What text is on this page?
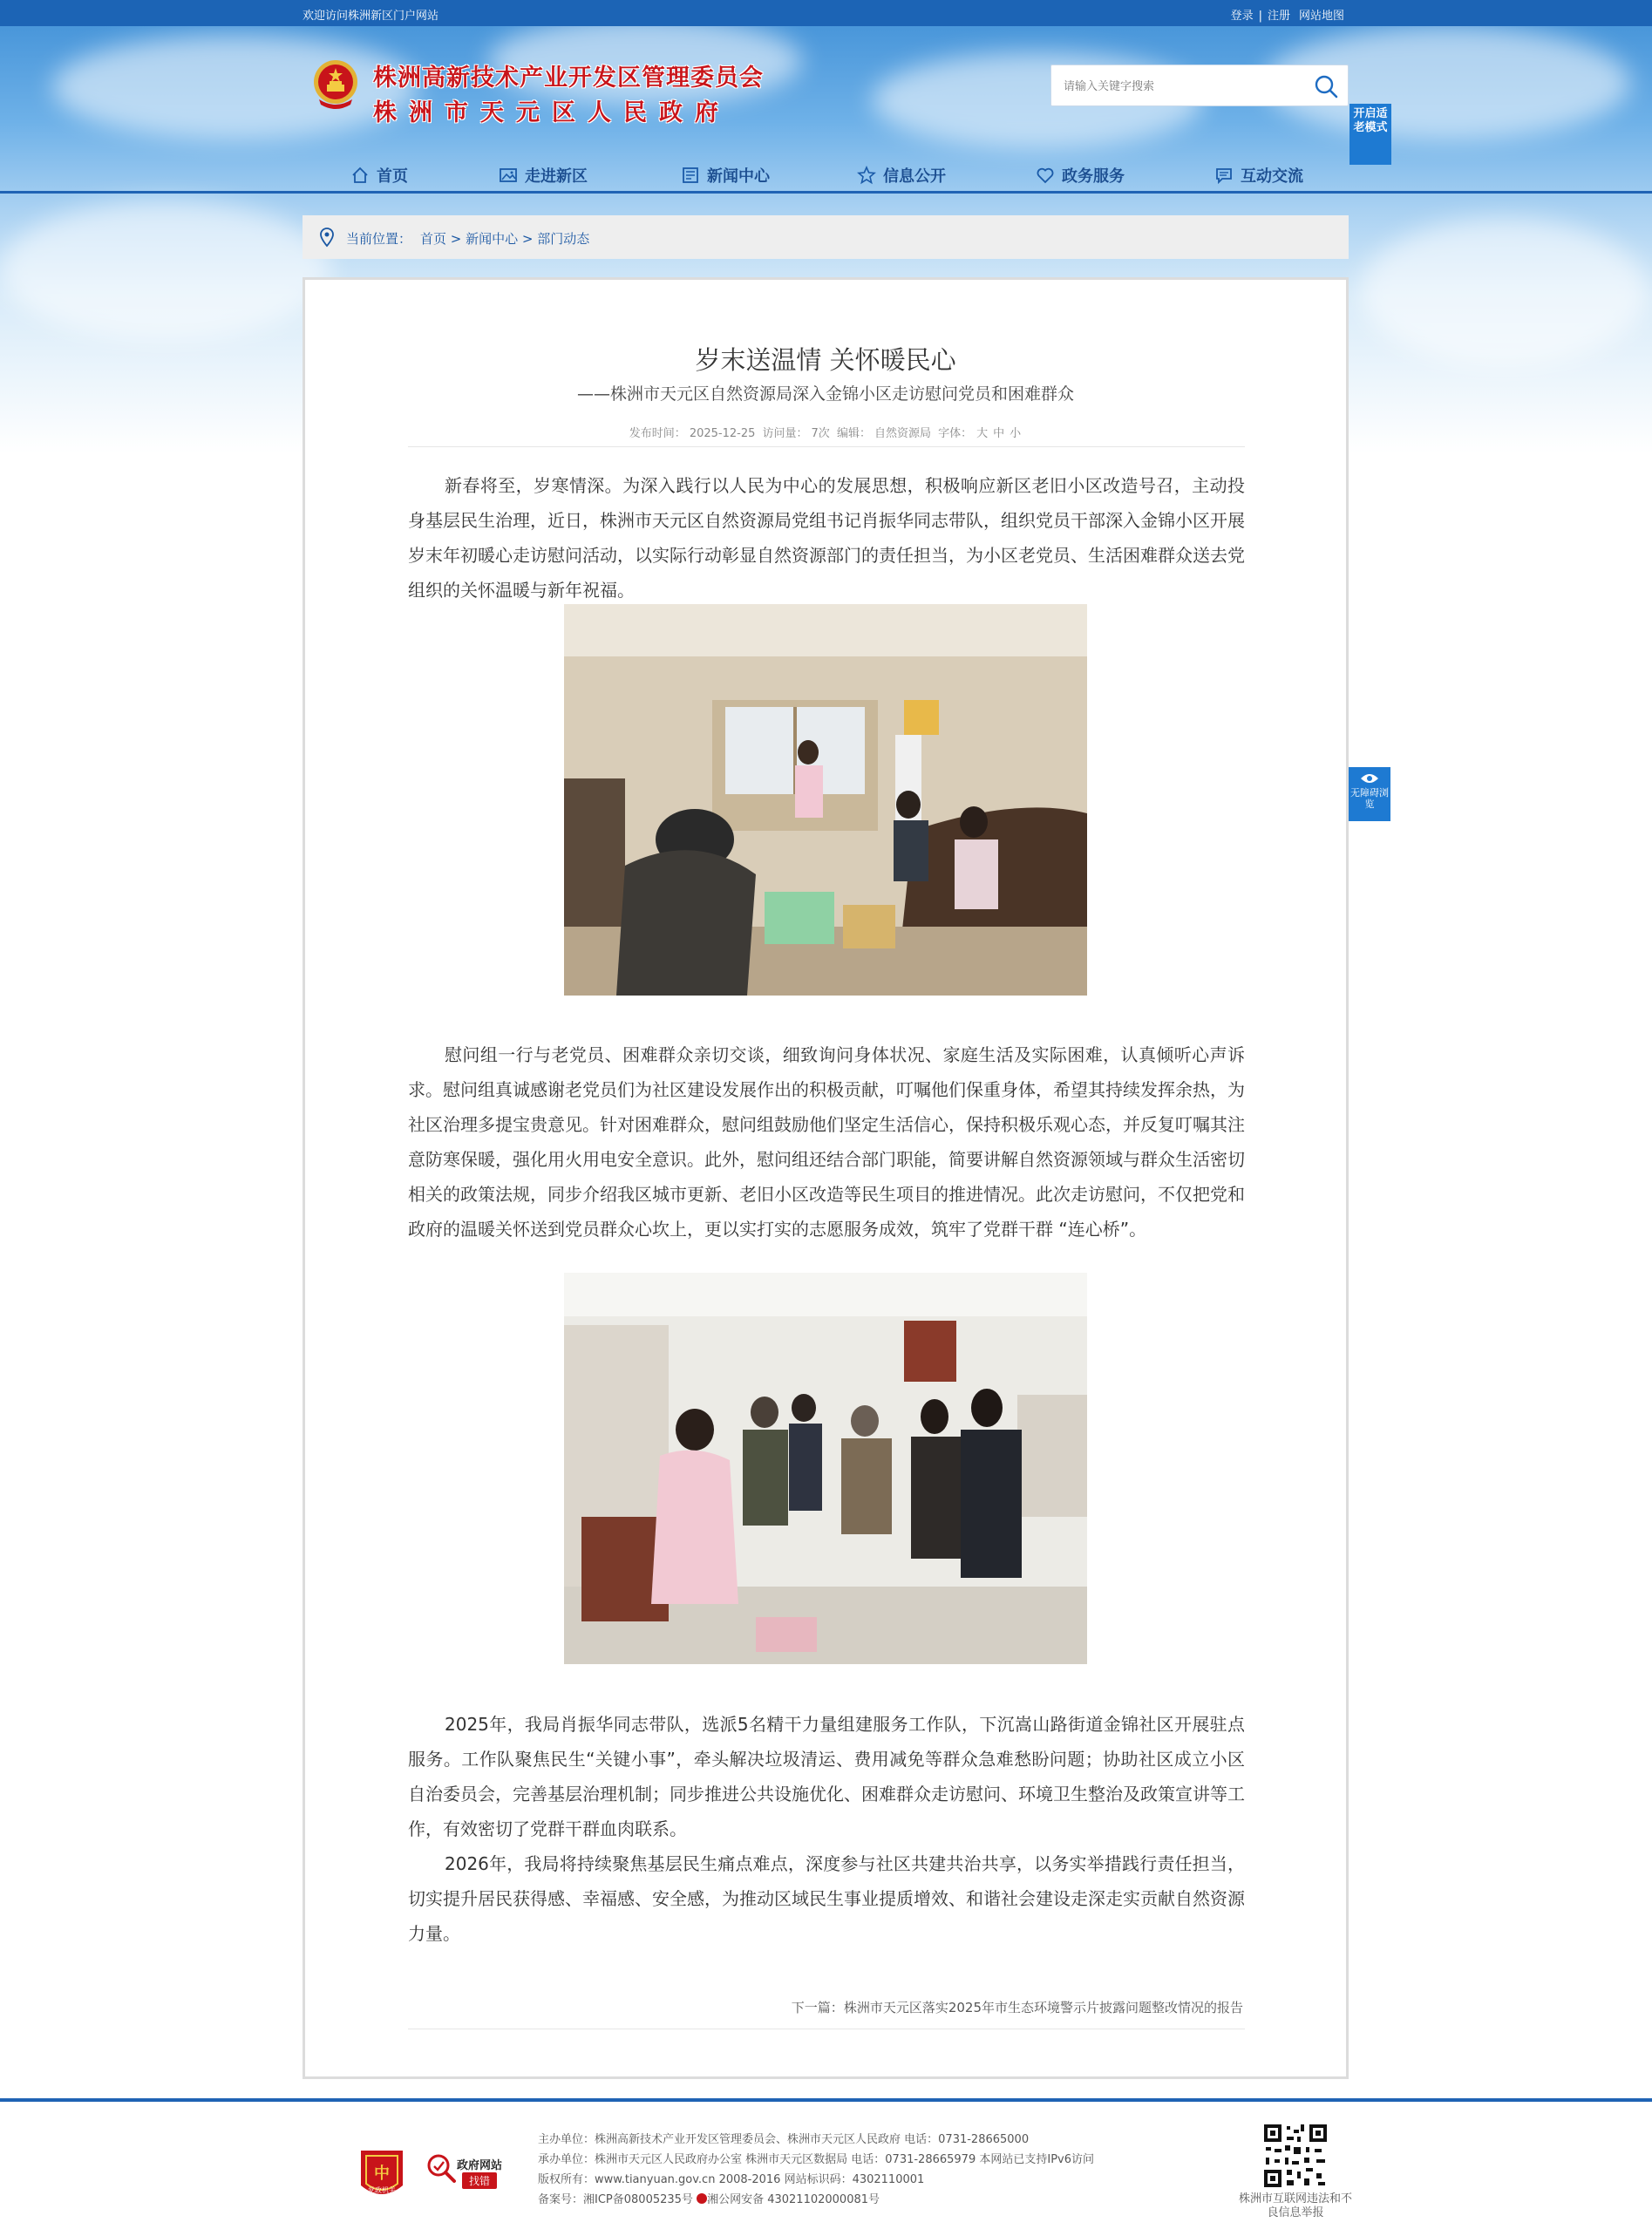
欢迎访问株洲新区门户网站	登录 | 注册 网站地图
株洲高新技术产业开发区管理委员会
株洲市天元区人民政府
请输入关键字搜索	开启适老模式
首页	走进新区	新闻中心	信息公开	政务服务	互动交流
当前位置： 首页 > 新闻中心 > 部门动态
岁末送温情 关怀暖民心
——株洲市天元区自然资源局深入金锦小区走访慰问党员和困难群众
发布时间： 2025-12-25 访问量： 7次 编辑： 自然资源局 字体： 大 中 小
新春将至，岁寒情深。为深入践行以人民为中心的发展思想，积极响应新区老旧小区改造号召，主动投身基层民生治理，近日，株洲市天元区自然资源局党组书记肖振华同志带队，组织党员干部深入金锦小区开展岁末年初暖心走访慰问活动，以实际行动彰显自然资源部门的责任担当，为小区老党员、生活困难群众送去党组织的关怀温暖与新年祝福。
慰问组一行与老党员、困难群众亲切交谈，细致询问身体状况、家庭生活及实际困难，认真倾听心声诉求。慰问组真诚感谢老党员们为社区建设发展作出的积极贡献，叮嘱他们保重身体，希望其持续发挥余热，为社区治理多提宝贵意见。针对困难群众，慰问组鼓励他们坚定生活信心，保持积极乐观心态，并反复叮嘱其注意防寒保暖，强化用火用电安全意识。此外，慰问组还结合部门职能，简要讲解自然资源领域与群众生活密切相关的政策法规，同步介绍我区城市更新、老旧小区改造等民生项目的推进情况。此次走访慰问，不仅把党和政府的温暖关怀送到党员群众心坎上，更以实打实的志愿服务成效，筑牢了党群干群 “连心桥”。
2025年，我局肖振华同志带队，选派5名精干力量组建服务工作队，下沉嵩山路街道金锦社区开展驻点服务。工作队聚焦民生“关键小事”，牵头解决垃圾清运、费用减免等群众急难愁盼问题；协助社区成立小区自治委员会，完善基层治理机制；同步推进公共设施优化、困难群众走访慰问、环境卫生整治及政策宣讲等工作，有效密切了党群干群血肉联系。
2026年，我局将持续聚焦基层民生痛点难点，深度参与社区共建共治共享，以务实举措践行责任担当，切实提升居民获得感、幸福感、安全感，为推动区域民生事业提质增效、和谐社会建设走深走实贡献自然资源力量。
下一篇：株洲市天元区落实2025年市生态环境警示片披露问题整改情况的报告
无障碍浏览
中
党政机关
政府网站
找错
主办单位：株洲高新技术产业开发区管理委员会、株洲市天元区人民政府 电话：0731-28665000
承办单位：株洲市天元区人民政府办公室 株洲市天元区数据局 电话：0731-28665979 本网站已支持IPv6访问
版权所有：www.tianyuan.gov.cn 2008-2016 网站标识码：4302110001
备案号：湘ICP备08005235号 湘公网安备 43021102000081号	株洲市互联网违法和不良信息举报
